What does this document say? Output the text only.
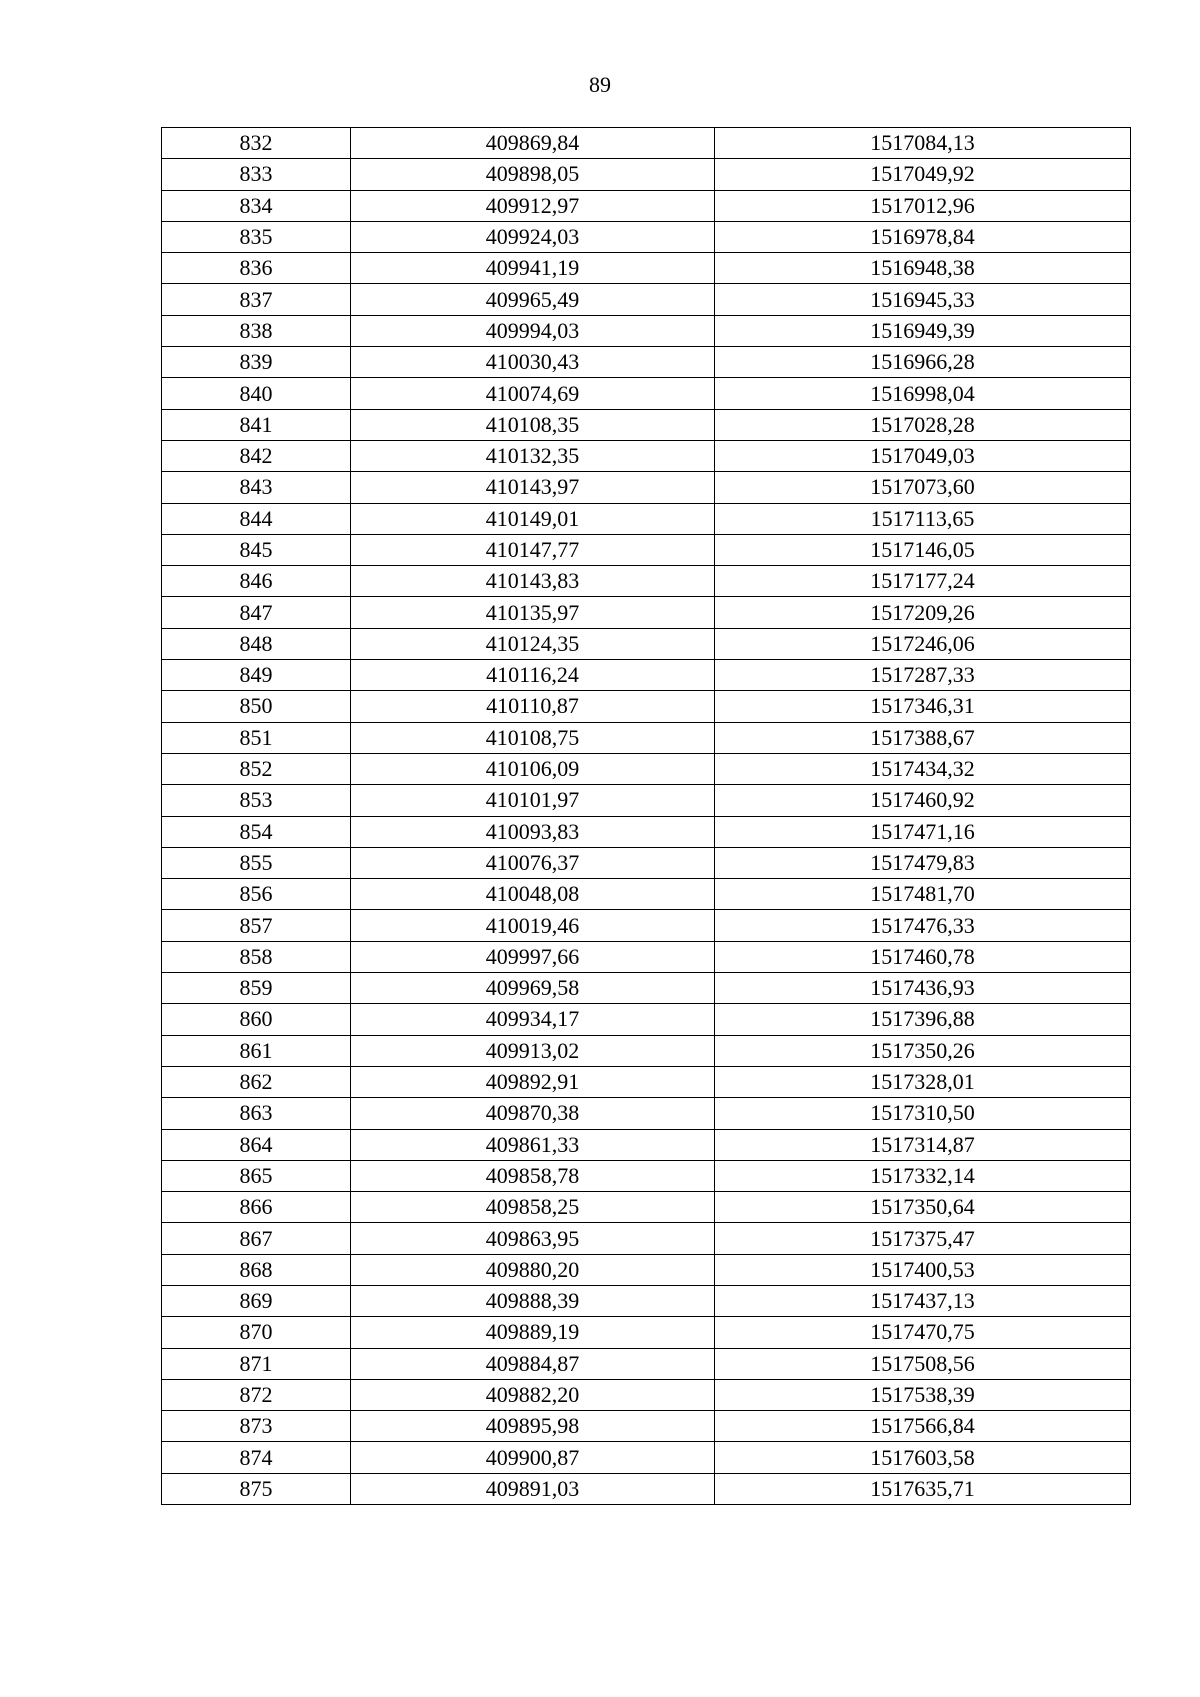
89
832	409869,84	1517084,13
833	409898,05	1517049,92
834	409912,97	1517012,96
835	409924,03	1516978,84
836	409941,19	1516948,38
837	409965,49	1516945,33
838	409994,03	1516949,39
839	410030,43	1516966,28
840	410074,69	1516998,04
841	410108,35	1517028,28
842	410132,35	1517049,03
843	410143,97	1517073,60
844	410149,01	1517113,65
845	410147,77	1517146,05
846	410143,83	1517177,24
847	410135,97	1517209,26
848	410124,35	1517246,06
849	410116,24	1517287,33
850	410110,87	1517346,31
851	410108,75	1517388,67
852	410106,09	1517434,32
853	410101,97	1517460,92
854	410093,83	1517471,16
855	410076,37	1517479,83
856	410048,08	1517481,70
857	410019,46	1517476,33
858	409997,66	1517460,78
859	409969,58	1517436,93
860	409934,17	1517396,88
861	409913,02	1517350,26
862	409892,91	1517328,01
863	409870,38	1517310,50
864	409861,33	1517314,87
865	409858,78	1517332,14
866	409858,25	1517350,64
867	409863,95	1517375,47
868	409880,20	1517400,53
869	409888,39	1517437,13
870	409889,19	1517470,75
871	409884,87	1517508,56
872	409882,20	1517538,39
873	409895,98	1517566,84
874	409900,87	1517603,58
875	409891,03	1517635,71
